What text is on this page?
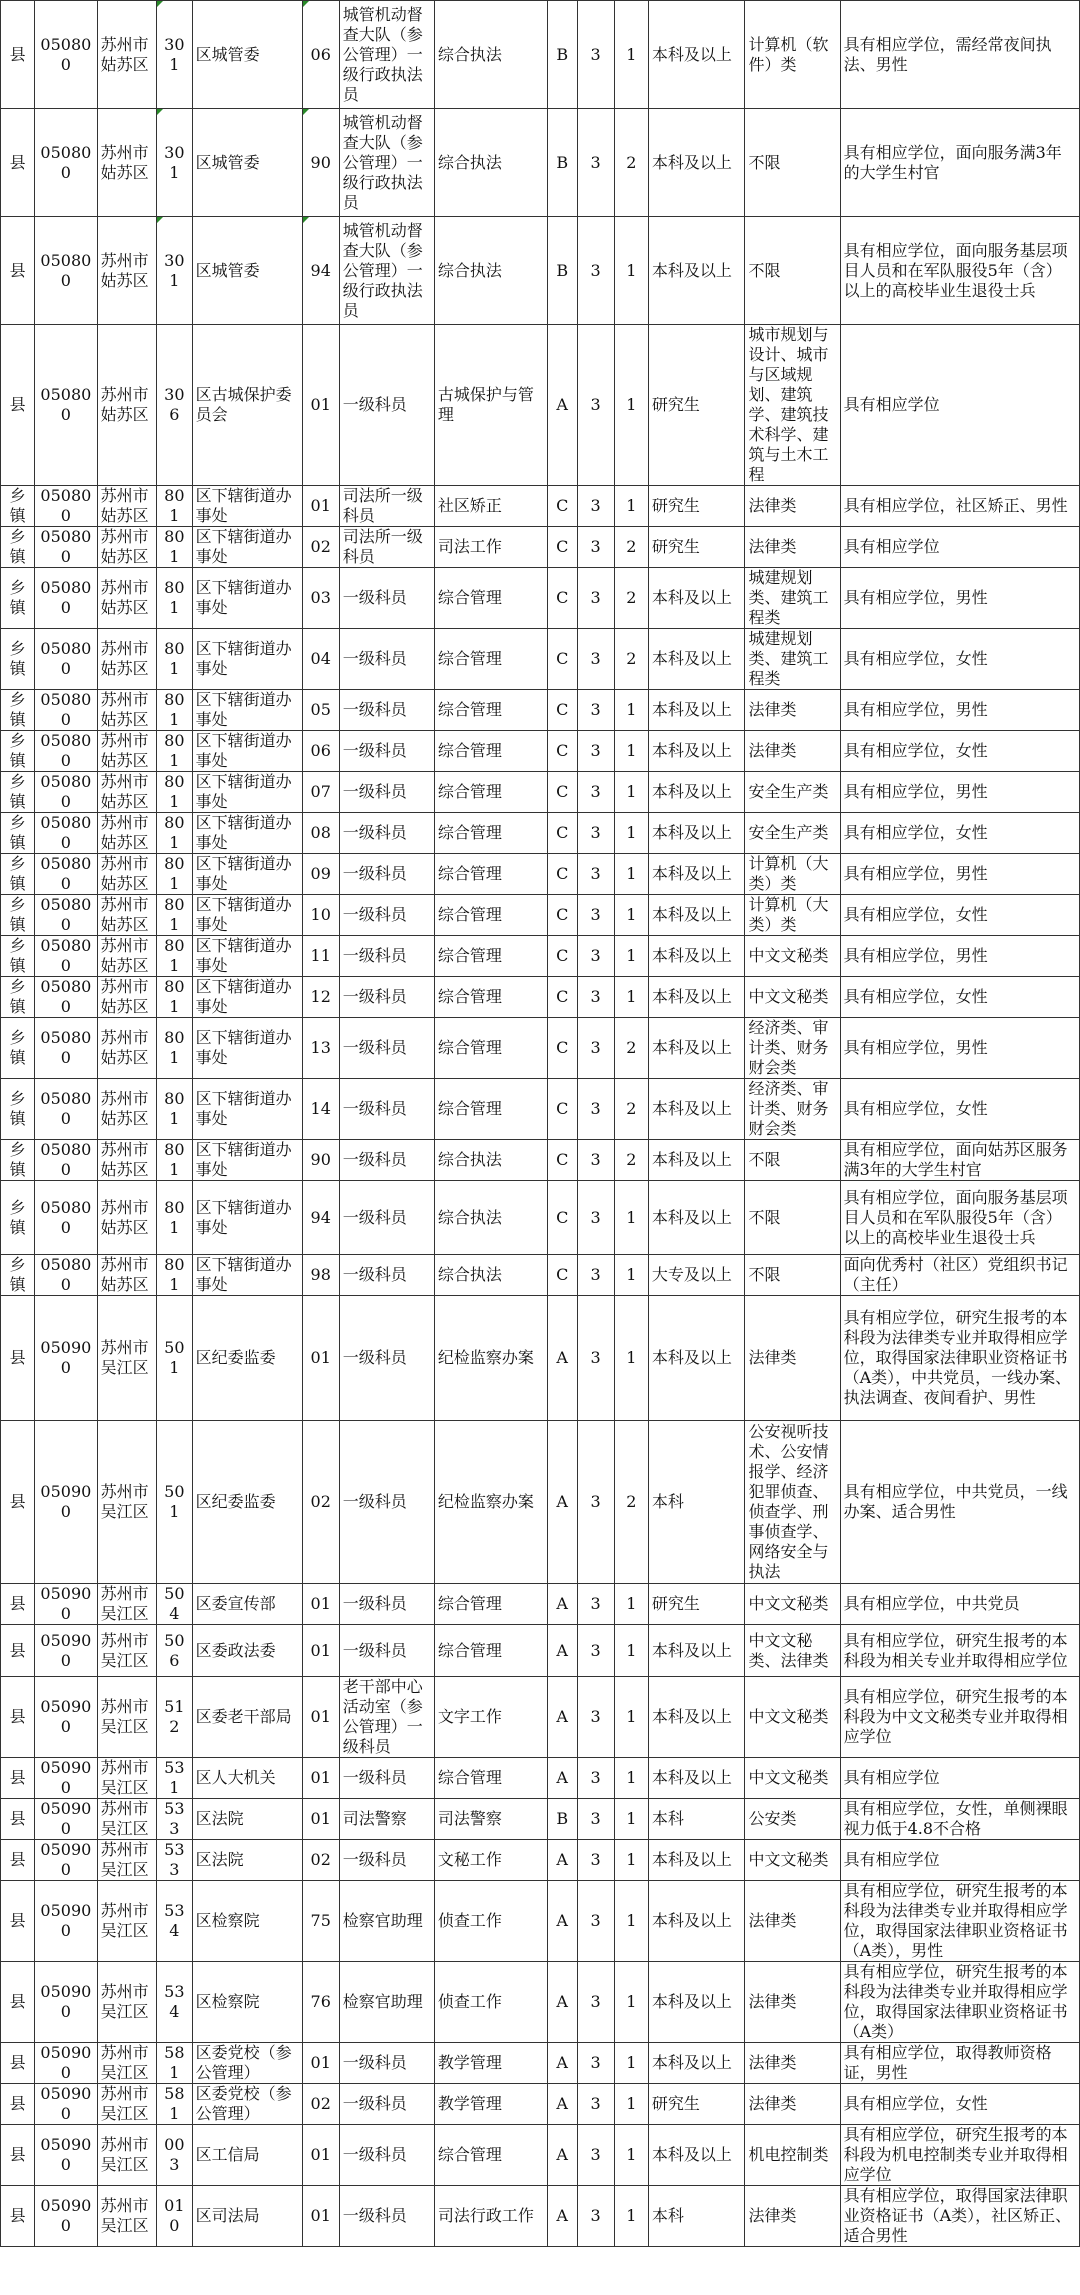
县	050800	苏州市姑苏区	301	区城管委	06	城管机动督查大队（参公管理）一级行政执法员	综合执法	B	3	1	本科及以上	计算机（软件）类	具有相应学位，需经常夜间执法、男性
县	050800	苏州市姑苏区	301	区城管委	90	城管机动督查大队（参公管理）一级行政执法员	综合执法	B	3	2	本科及以上	不限	具有相应学位，面向服务满3年的大学生村官
县	050800	苏州市姑苏区	301	区城管委	94	城管机动督查大队（参公管理）一级行政执法员	综合执法	B	3	1	本科及以上	不限	具有相应学位，面向服务基层项目人员和在军队服役5年（含）以上的高校毕业生退役士兵
县	050800	苏州市姑苏区	306	区古城保护委员会	01	一级科员	古城保护与管理	A	3	1	研究生	城市规划与设计、城市与区域规划、建筑学、建筑技术科学、建筑与土木工程	具有相应学位
乡镇	050800	苏州市姑苏区	801	区下辖街道办事处	01	司法所一级科员	社区矫正	C	3	1	研究生	法律类	具有相应学位，社区矫正、男性
乡镇	050800	苏州市姑苏区	801	区下辖街道办事处	02	司法所一级科员	司法工作	C	3	2	研究生	法律类	具有相应学位
乡镇	050800	苏州市姑苏区	801	区下辖街道办事处	03	一级科员	综合管理	C	3	2	本科及以上	城建规划类、建筑工程类	具有相应学位，男性
乡镇	050800	苏州市姑苏区	801	区下辖街道办事处	04	一级科员	综合管理	C	3	2	本科及以上	城建规划类、建筑工程类	具有相应学位，女性
乡镇	050800	苏州市姑苏区	801	区下辖街道办事处	05	一级科员	综合管理	C	3	1	本科及以上	法律类	具有相应学位，男性
乡镇	050800	苏州市姑苏区	801	区下辖街道办事处	06	一级科员	综合管理	C	3	1	本科及以上	法律类	具有相应学位，女性
乡镇	050800	苏州市姑苏区	801	区下辖街道办事处	07	一级科员	综合管理	C	3	1	本科及以上	安全生产类	具有相应学位，男性
乡镇	050800	苏州市姑苏区	801	区下辖街道办事处	08	一级科员	综合管理	C	3	1	本科及以上	安全生产类	具有相应学位，女性
乡镇	050800	苏州市姑苏区	801	区下辖街道办事处	09	一级科员	综合管理	C	3	1	本科及以上	计算机（大类）类	具有相应学位，男性
乡镇	050800	苏州市姑苏区	801	区下辖街道办事处	10	一级科员	综合管理	C	3	1	本科及以上	计算机（大类）类	具有相应学位，女性
乡镇	050800	苏州市姑苏区	801	区下辖街道办事处	11	一级科员	综合管理	C	3	1	本科及以上	中文文秘类	具有相应学位，男性
乡镇	050800	苏州市姑苏区	801	区下辖街道办事处	12	一级科员	综合管理	C	3	1	本科及以上	中文文秘类	具有相应学位，女性
乡镇	050800	苏州市姑苏区	801	区下辖街道办事处	13	一级科员	综合管理	C	3	2	本科及以上	经济类、审计类、财务财会类	具有相应学位，男性
乡镇	050800	苏州市姑苏区	801	区下辖街道办事处	14	一级科员	综合管理	C	3	2	本科及以上	经济类、审计类、财务财会类	具有相应学位，女性
乡镇	050800	苏州市姑苏区	801	区下辖街道办事处	90	一级科员	综合执法	C	3	2	本科及以上	不限	具有相应学位，面向姑苏区服务满3年的大学生村官
乡镇	050800	苏州市姑苏区	801	区下辖街道办事处	94	一级科员	综合执法	C	3	1	本科及以上	不限	具有相应学位，面向服务基层项目人员和在军队服役5年（含）以上的高校毕业生退役士兵
乡镇	050800	苏州市姑苏区	801	区下辖街道办事处	98	一级科员	综合执法	C	3	1	大专及以上	不限	面向优秀村（社区）党组织书记（主任）
县	050900	苏州市吴江区	501	区纪委监委	01	一级科员	纪检监察办案	A	3	1	本科及以上	法律类	具有相应学位，研究生报考的本科段为法律类专业并取得相应学位，取得国家法律职业资格证书（A类），中共党员，一线办案、执法调查、夜间看护、男性
县	050900	苏州市吴江区	501	区纪委监委	02	一级科员	纪检监察办案	A	3	2	本科	公安视听技术、公安情报学、经济犯罪侦查、侦查学、刑事侦查学、网络安全与执法	具有相应学位，中共党员，一线办案、适合男性
县	050900	苏州市吴江区	504	区委宣传部	01	一级科员	综合管理	A	3	1	研究生	中文文秘类	具有相应学位，中共党员
县	050900	苏州市吴江区	506	区委政法委	01	一级科员	综合管理	A	3	1	本科及以上	中文文秘类、法律类	具有相应学位，研究生报考的本科段为相关专业并取得相应学位
县	050900	苏州市吴江区	512	区委老干部局	01	老干部中心活动室（参公管理）一级科员	文字工作	A	3	1	本科及以上	中文文秘类	具有相应学位，研究生报考的本科段为中文文秘类专业并取得相应学位
县	050900	苏州市吴江区	531	区人大机关	01	一级科员	综合管理	A	3	1	本科及以上	中文文秘类	具有相应学位
县	050900	苏州市吴江区	533	区法院	01	司法警察	司法警察	B	3	1	本科	公安类	具有相应学位，女性，单侧裸眼视力低于4.8不合格
县	050900	苏州市吴江区	533	区法院	02	一级科员	文秘工作	A	3	1	本科及以上	中文文秘类	具有相应学位
县	050900	苏州市吴江区	534	区检察院	75	检察官助理	侦查工作	A	3	1	本科及以上	法律类	具有相应学位，研究生报考的本科段为法律类专业并取得相应学位，取得国家法律职业资格证书（A类），男性
县	050900	苏州市吴江区	534	区检察院	76	检察官助理	侦查工作	A	3	1	本科及以上	法律类	具有相应学位，研究生报考的本科段为法律类专业并取得相应学位，取得国家法律职业资格证书（A类）
县	050900	苏州市吴江区	581	区委党校（参公管理）	01	一级科员	教学管理	A	3	1	本科及以上	法律类	具有相应学位，取得教师资格证，男性
县	050900	苏州市吴江区	581	区委党校（参公管理）	02	一级科员	教学管理	A	3	1	研究生	法律类	具有相应学位，女性
县	050900	苏州市吴江区	003	区工信局	01	一级科员	综合管理	A	3	1	本科及以上	机电控制类	具有相应学位，研究生报考的本科段为机电控制类专业并取得相应学位
县	050900	苏州市吴江区	010	区司法局	01	一级科员	司法行政工作	A	3	1	本科	法律类	具有相应学位，取得国家法律职业资格证书（A类），社区矫正、适合男性
